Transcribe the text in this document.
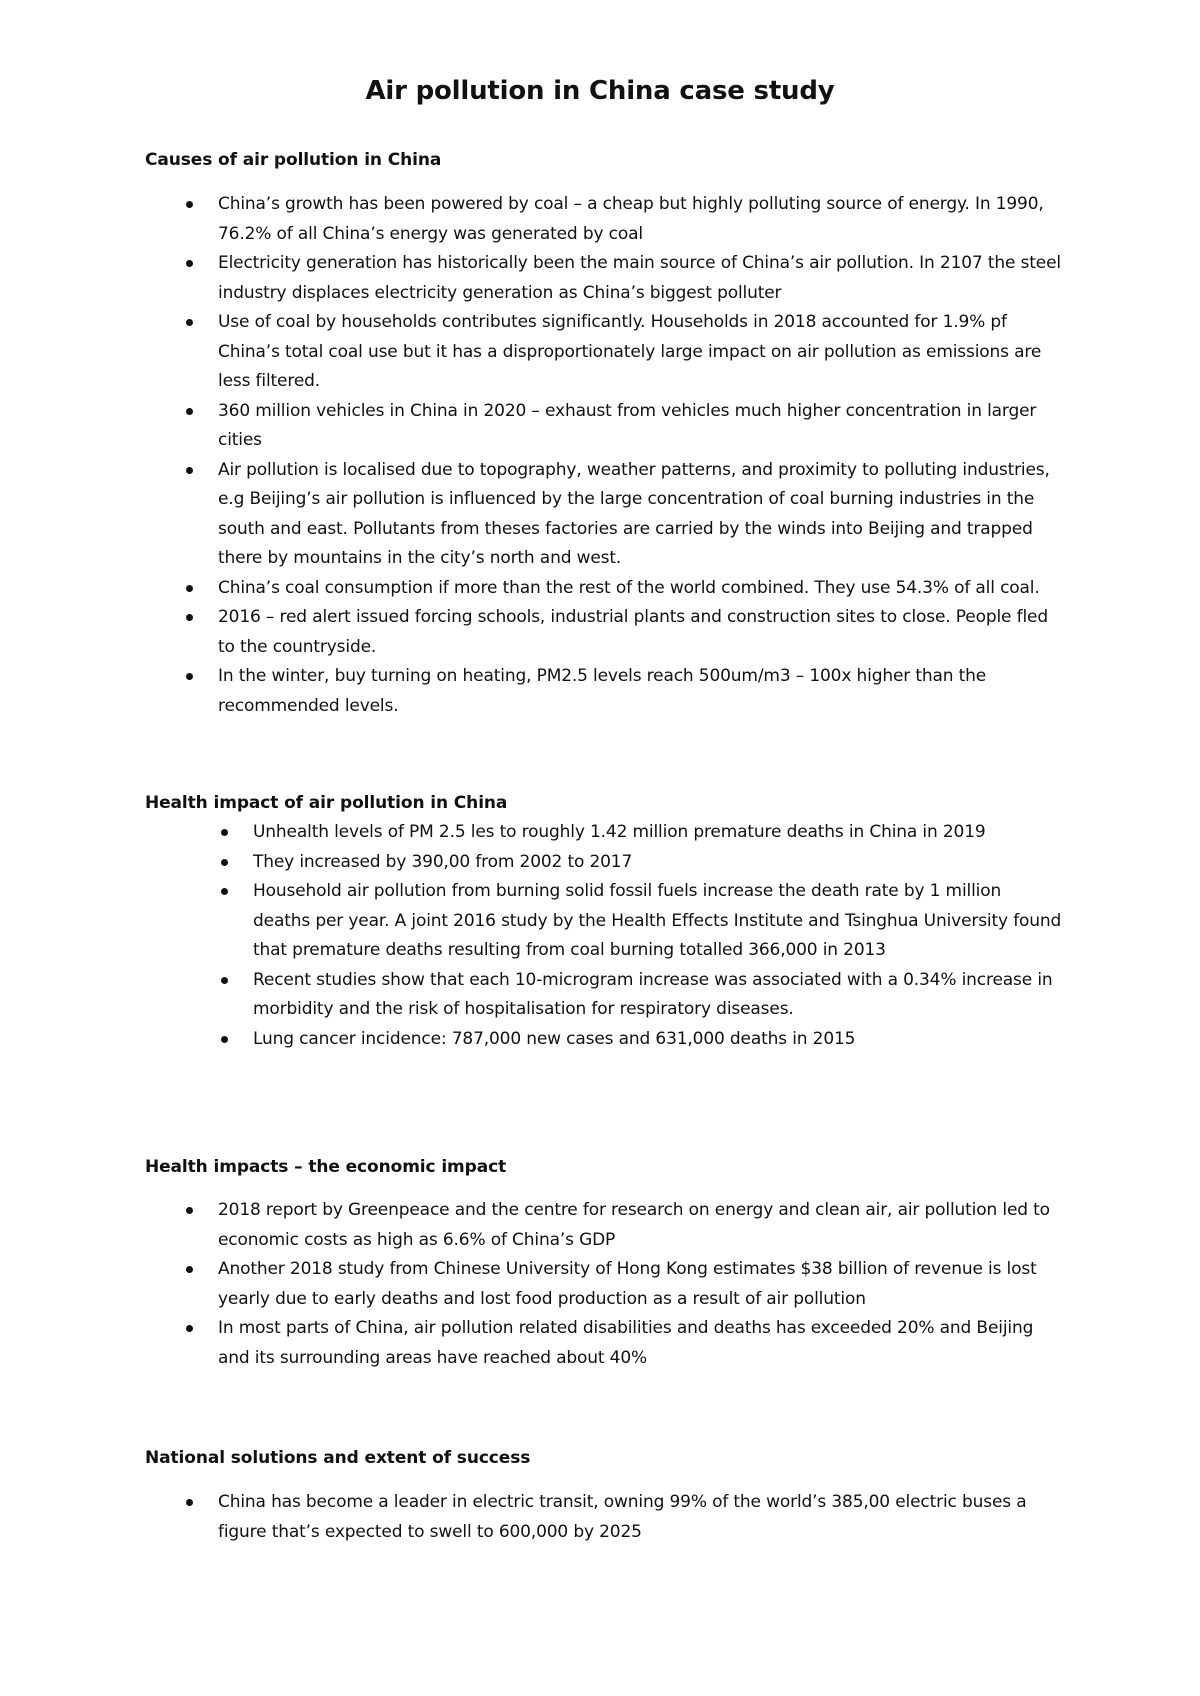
Air pollution in China case study
Causes of air pollution in China
China’s growth has been powered by coal – a cheap but highly polluting source of energy. In 1990, 76.2% of all China’s energy was generated by coal
Electricity generation has historically been the main source of China’s air pollution. In 2107 the steel industry displaces electricity generation as China’s biggest polluter
Use of coal by households contributes significantly. Households in 2018 accounted for 1.9% pf China’s total coal use but it has a disproportionately large impact on air pollution as emissions are less filtered.
360 million vehicles in China in 2020 – exhaust from vehicles much higher concentration in larger cities
Air pollution is localised due to topography, weather patterns, and proximity to polluting industries, e.g Beijing’s air pollution is influenced by the large concentration of coal burning industries in the south and east. Pollutants from theses factories are carried by the winds into Beijing and trapped there by mountains in the city’s north and west.
China’s coal consumption if more than the rest of the world combined. They use 54.3% of all coal.
2016 – red alert issued forcing schools, industrial plants and construction sites to close. People fled to the countryside.
In the winter, buy turning on heating, PM2.5 levels reach 500um/m3 – 100x higher than the recommended levels.
Health impact of air pollution in China
Unhealth levels of PM 2.5 les to roughly 1.42 million premature deaths in China in 2019
They increased by 390,00 from 2002 to 2017
Household air pollution from burning solid fossil fuels increase the death rate by 1 million deaths per year. A joint 2016 study by the Health Effects Institute and Tsinghua University found that premature deaths resulting from coal burning totalled 366,000 in 2013
Recent studies show that each 10-microgram increase was associated with a 0.34% increase in morbidity and the risk of hospitalisation for respiratory diseases.
Lung cancer incidence: 787,000 new cases and 631,000 deaths in 2015
Health impacts – the economic impact
2018 report by Greenpeace and the centre for research on energy and clean air, air pollution led to economic costs as high as 6.6% of China’s GDP
Another 2018 study from Chinese University of Hong Kong estimates $38 billion of revenue is lost yearly due to early deaths and lost food production as a result of air pollution
In most parts of China, air pollution related disabilities and deaths has exceeded 20% and Beijing and its surrounding areas have reached about 40%
National solutions and extent of success
China has become a leader in electric transit, owning 99% of the world’s 385,00 electric buses a figure that’s expected to swell to 600,000 by 2025
